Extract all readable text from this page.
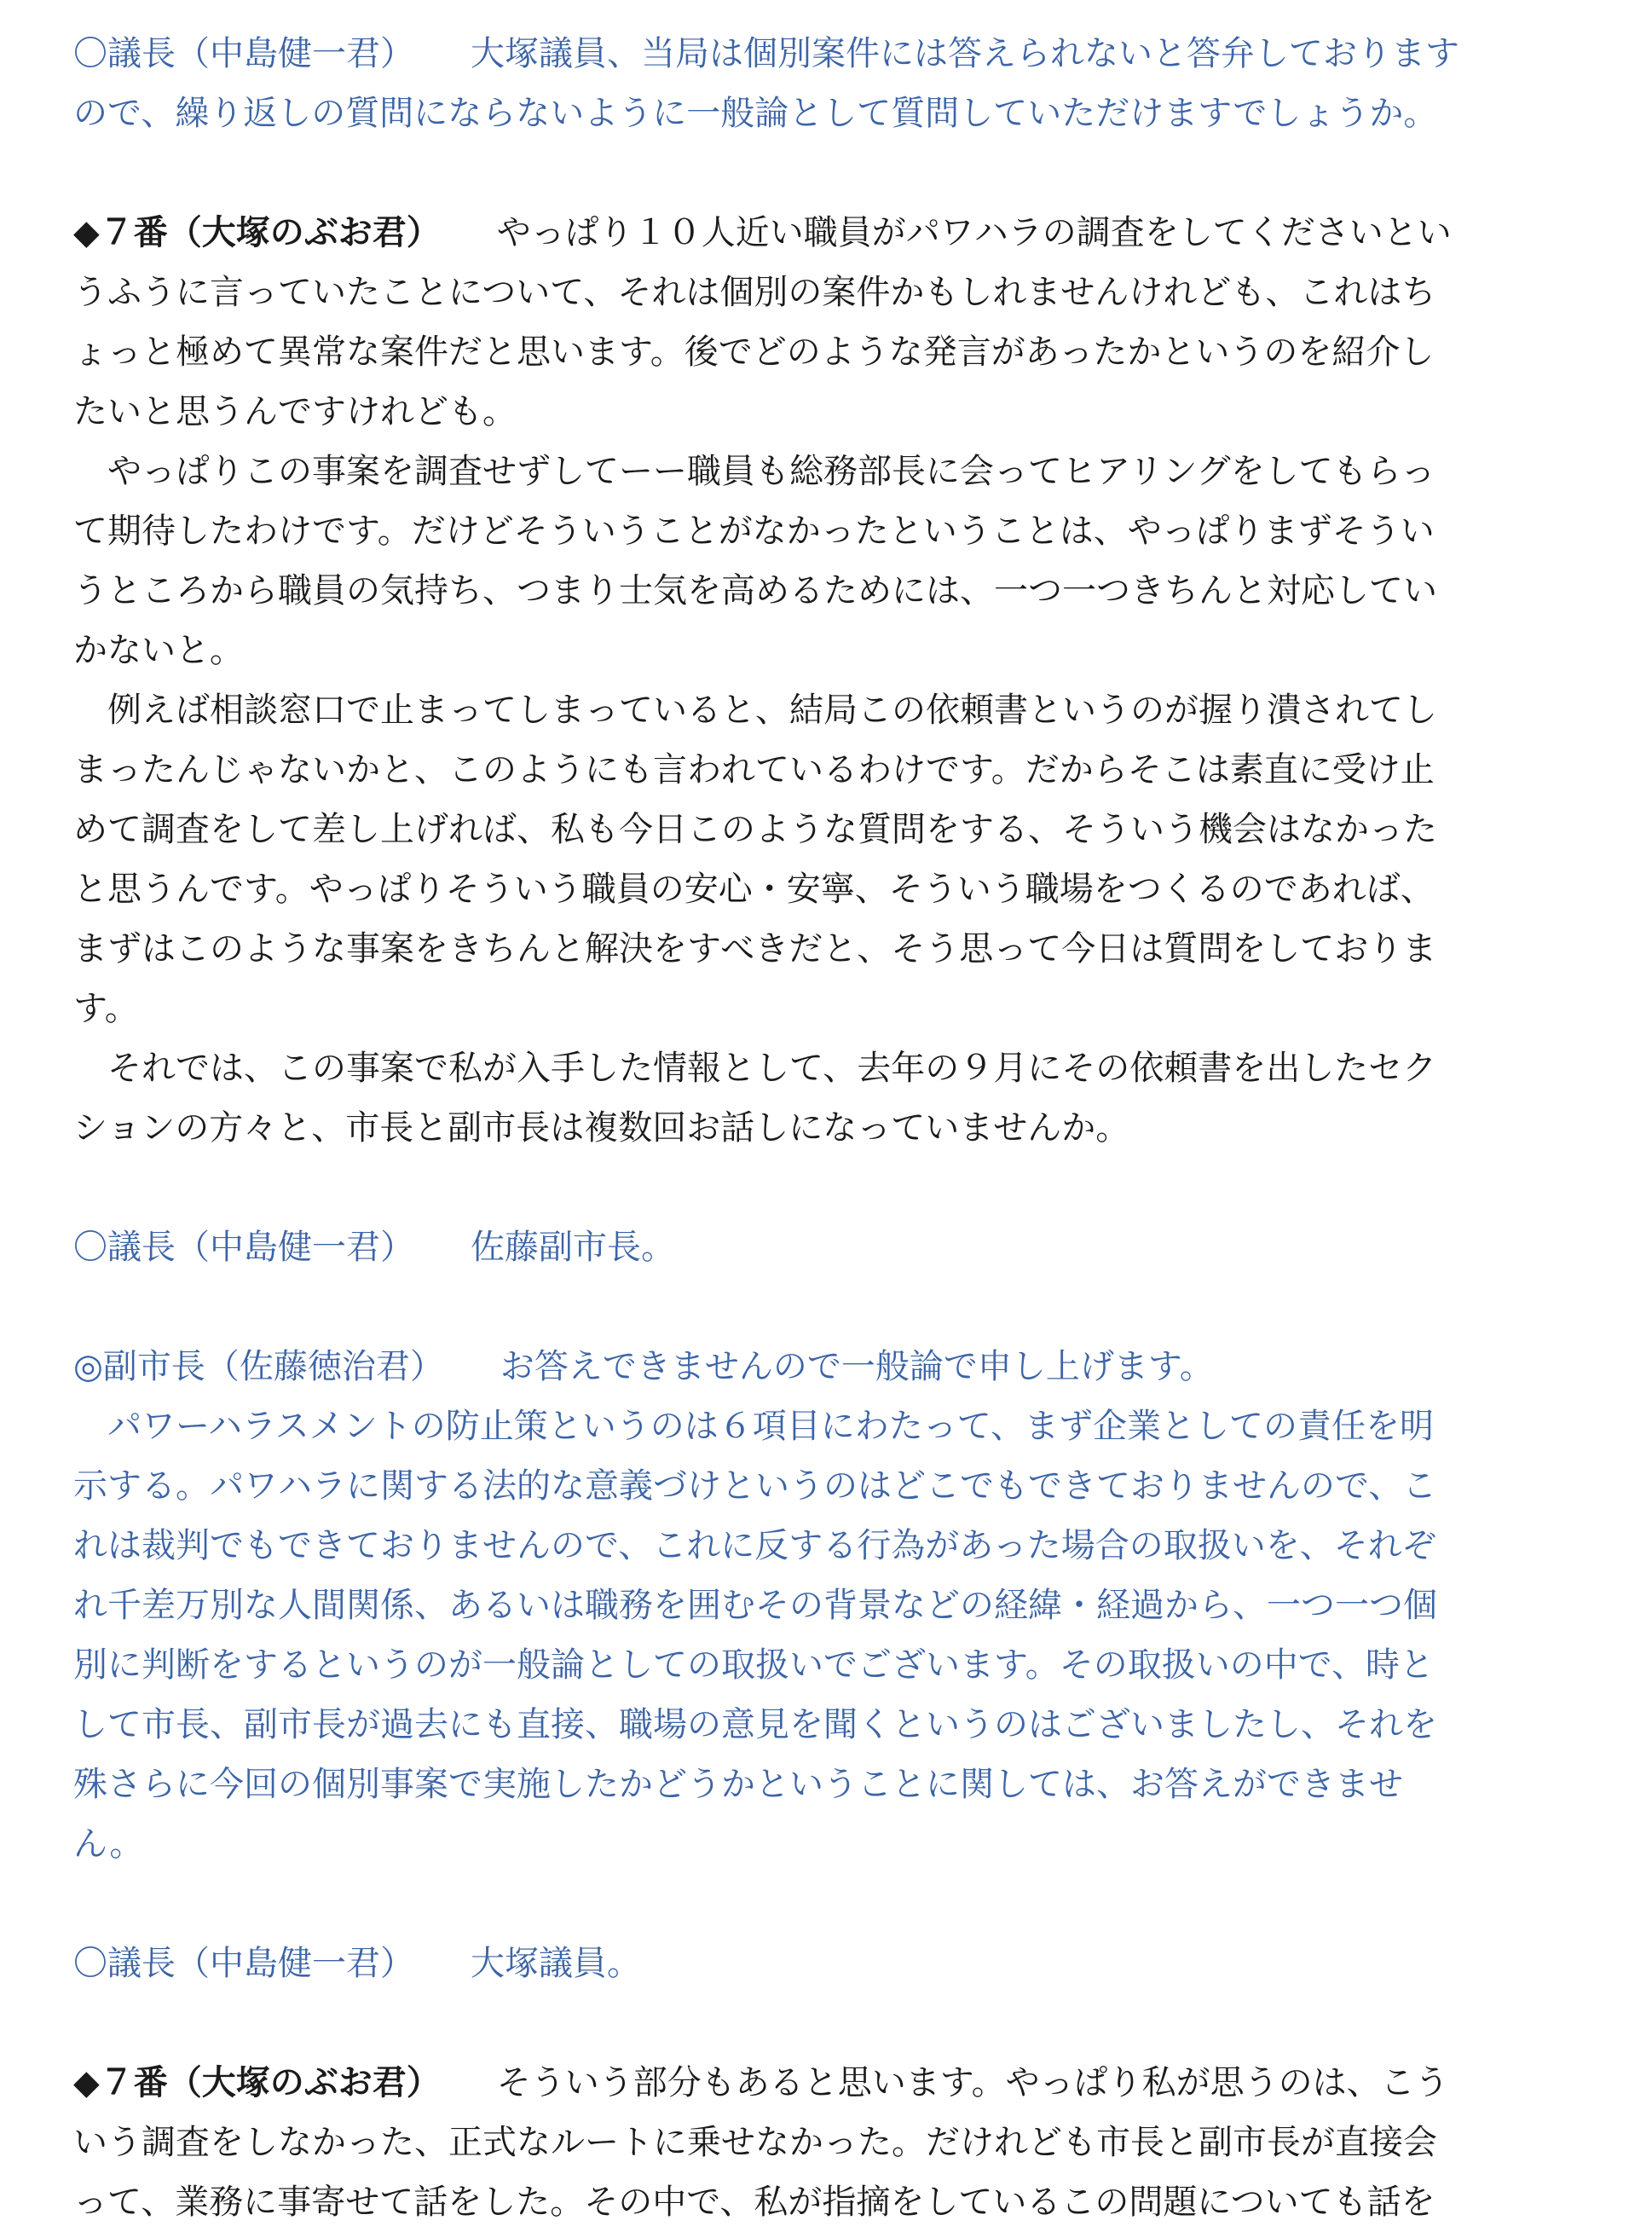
〇議長（中島健一君） 大塚議員、当局は個別案件には答えられないと答弁しております
ので、繰り返しの質問にならないように一般論として質問していただけますでしょうか。
◆７番（大塚のぶお君） やっぱり１０人近い職員がパワハラの調査をしてくださいとい
うふうに言っていたことについて、それは個別の案件かもしれませんけれども、これはち
ょっと極めて異常な案件だと思います。後でどのような発言があったかというのを紹介し
たいと思うんですけれども。
　やっぱりこの事案を調査せずしてーー職員も総務部長に会ってヒアリングをしてもらっ
て期待したわけです。だけどそういうことがなかったということは、やっぱりまずそうい
うところから職員の気持ち、つまり士気を高めるためには、一つ一つきちんと対応してい
かないと。
　例えば相談窓口で止まってしまっていると、結局この依頼書というのが握り潰されてし
まったんじゃないかと、このようにも言われているわけです。だからそこは素直に受け止
めて調査をして差し上げれば、私も今日このような質問をする、そういう機会はなかった
と思うんです。やっぱりそういう職員の安心・安寧、そういう職場をつくるのであれば、
まずはこのような事案をきちんと解決をすべきだと、そう思って今日は質問をしておりま
す。
　それでは、この事案で私が入手した情報として、去年の９月にその依頼書を出したセク
ションの方々と、市長と副市長は複数回お話しになっていませんか。
〇議長（中島健一君） 佐藤副市長。
◎副市長（佐藤徳治君） お答えできませんので一般論で申し上げます。
　パワーハラスメントの防止策というのは６項目にわたって、まず企業としての責任を明
示する。パワハラに関する法的な意義づけというのはどこでもできておりませんので、こ
れは裁判でもできておりませんので、これに反する行為があった場合の取扱いを、それぞ
れ千差万別な人間関係、あるいは職務を囲むその背景などの経緯・経過から、一つ一つ個
別に判断をするというのが一般論としての取扱いでございます。その取扱いの中で、時と
して市長、副市長が過去にも直接、職場の意見を聞くというのはございましたし、それを
殊さらに今回の個別事案で実施したかどうかということに関しては、お答えができませ
ん。
〇議長（中島健一君） 大塚議員。
◆７番（大塚のぶお君） そういう部分もあると思います。やっぱり私が思うのは、こう
いう調査をしなかった、正式なルートに乗せなかった。だけれども市長と副市長が直接会
って、業務に事寄せて話をした。その中で、私が指摘をしているこの問題についても話を
